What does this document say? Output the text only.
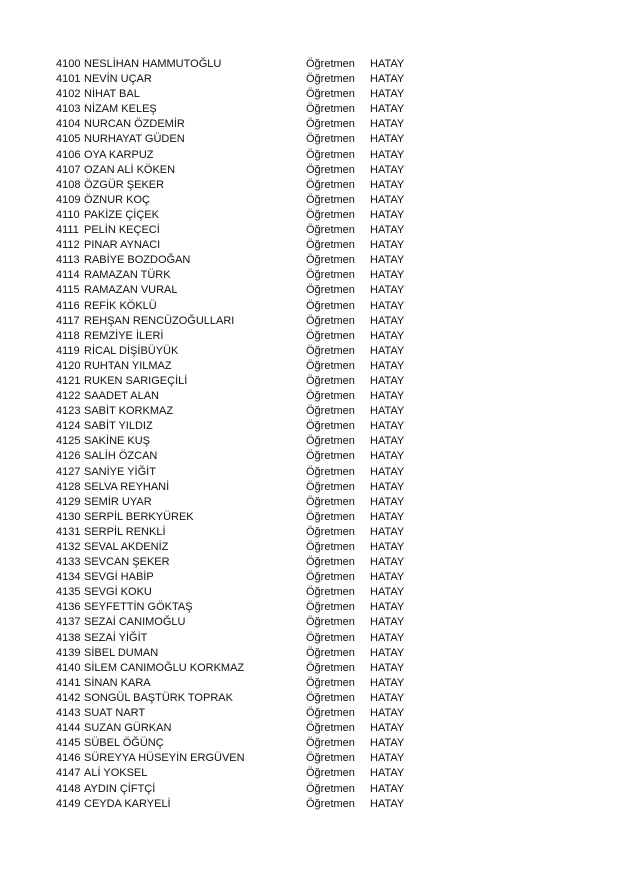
4100 NESLİHAN HAMMUTOĞLU	Öğretmen HATAY
4101 NEVİN UÇAR	Öğretmen HATAY
4102 NİHAT BAL	Öğretmen HATAY
4103 NİZAM KELEŞ	Öğretmen HATAY
4104 NURCAN ÖZDEMİR	Öğretmen HATAY
4105 NURHAYAT GÜDEN	Öğretmen HATAY
4106 OYA KARPUZ	Öğretmen HATAY
4107 OZAN ALİ KÖKEN	Öğretmen HATAY
4108 ÖZGÜR ŞEKER	Öğretmen HATAY
4109 ÖZNUR KOÇ	Öğretmen HATAY
4110 PAKİZE ÇİÇEK	Öğretmen HATAY
4111 PELİN KEÇECİ	Öğretmen HATAY
4112 PINAR AYNACI	Öğretmen HATAY
4113 RABİYE BOZDOĞAN	Öğretmen HATAY
4114 RAMAZAN TÜRK	Öğretmen HATAY
4115 RAMAZAN VURAL	Öğretmen HATAY
4116 REFİK KÖKLÜ	Öğretmen HATAY
4117 REHŞAN RENCÜZOĞULLARI	Öğretmen HATAY
4118 REMZİYE İLERİ	Öğretmen HATAY
4119 RİCAL DİŞİBÜYÜK	Öğretmen HATAY
4120 RUHTAN YILMAZ	Öğretmen HATAY
4121 RUKEN SARIGEÇİLİ	Öğretmen HATAY
4122 SAADET ALAN	Öğretmen HATAY
4123 SABİT KORKMAZ	Öğretmen HATAY
4124 SABİT YILDIZ	Öğretmen HATAY
4125 SAKİNE KUŞ	Öğretmen HATAY
4126 SALİH ÖZCAN	Öğretmen HATAY
4127 SANİYE YİĞİT	Öğretmen HATAY
4128 SELVA REYHANİ	Öğretmen HATAY
4129 SEMİR UYAR	Öğretmen HATAY
4130 SERPİL BERKYÜREK	Öğretmen HATAY
4131 SERPİL RENKLİ	Öğretmen HATAY
4132 SEVAL AKDENİZ	Öğretmen HATAY
4133 SEVCAN ŞEKER	Öğretmen HATAY
4134 SEVGİ HABİP	Öğretmen HATAY
4135 SEVGİ KOKU	Öğretmen HATAY
4136 SEYFETTİN GÖKTAŞ	Öğretmen HATAY
4137 SEZAİ CANIMOĞLU	Öğretmen HATAY
4138 SEZAİ YİĞİT	Öğretmen HATAY
4139 SİBEL DUMAN	Öğretmen HATAY
4140 SİLEM CANIMOĞLU KORKMAZ	Öğretmen HATAY
4141 SİNAN KARA	Öğretmen HATAY
4142 SONGÜL BAŞTÜRK TOPRAK	Öğretmen HATAY
4143 SUAT NART	Öğretmen HATAY
4144 SUZAN GÜRKAN	Öğretmen HATAY
4145 SÜBEL ÖĞÜNÇ	Öğretmen HATAY
4146 SÜREYYA HÜSEYİN ERGÜVEN	Öğretmen HATAY
4147 ALİ YOKSEL	Öğretmen HATAY
4148 AYDIN ÇİFTÇİ	Öğretmen HATAY
4149 CEYDA KARYELİ	Öğretmen HATAY
